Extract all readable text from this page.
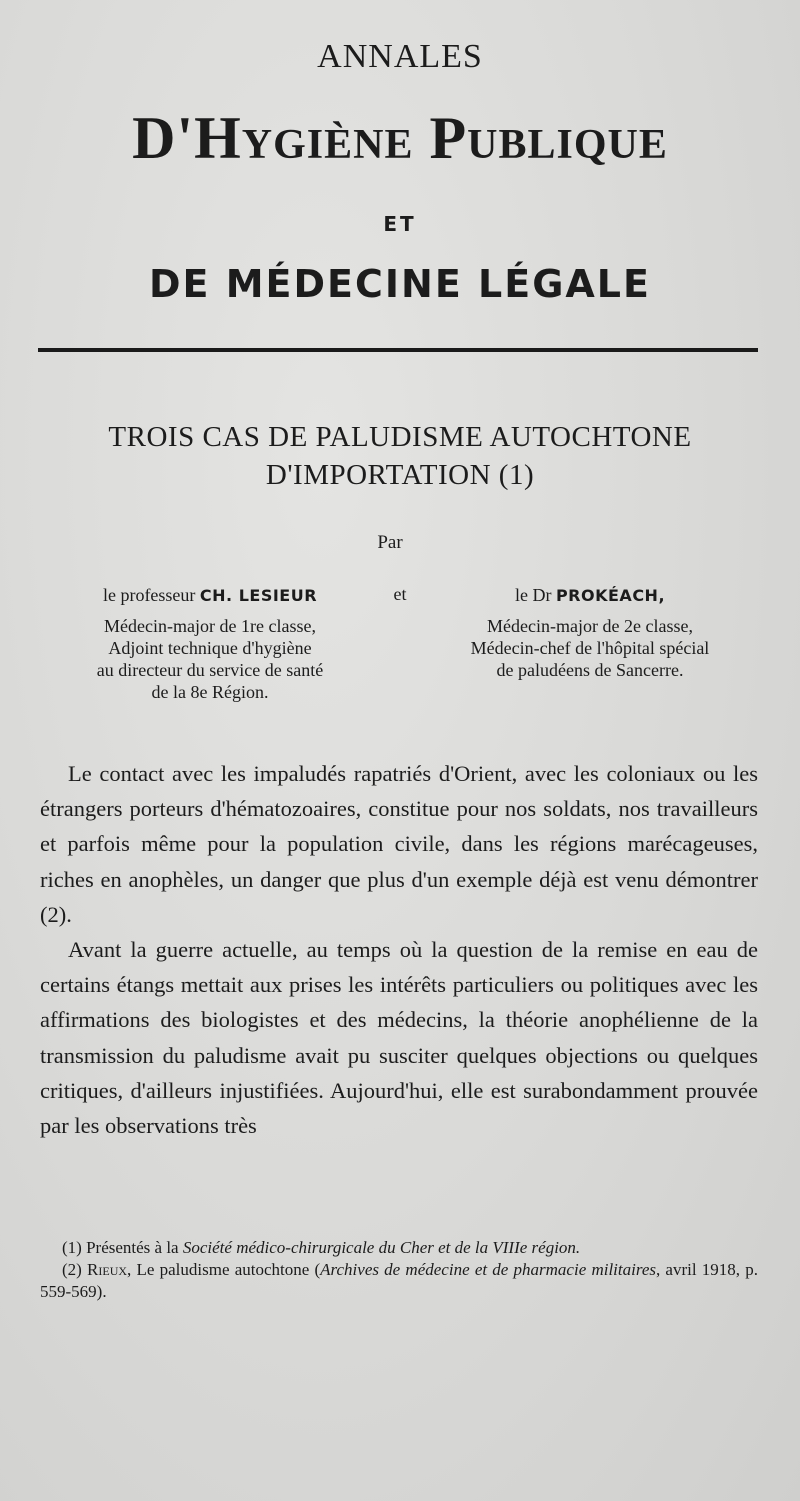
ANNALES
D'Hygiène Publique
ET
DE MÉDECINE LÉGALE
TROIS CAS DE PALUDISME AUTOCHTONE
D'IMPORTATION (1)
Par
le professeur CH. LESIEUR
Médecin-major de 1re classe,
Adjoint technique d'hygiène
au directeur du service de santé
de la 8e Région.
et	le Dr PROKÉACH,
Médecin-major de 2e classe,
Médecin-chef de l'hôpital spécial
de paludéens de Sancerre.

Le contact avec les impaludés rapatriés d'Orient, avec les coloniaux ou les étrangers porteurs d'hématozoaires, constitue pour nos soldats, nos travailleurs et parfois même pour la population civile, dans les régions marécageuses, riches en anophèles, un danger que plus d'un exemple déjà est venu démontrer (2).

Avant la guerre actuelle, au temps où la question de la remise en eau de certains étangs mettait aux prises les intérêts particuliers ou politiques avec les affirmations des biologistes et des médecins, la théorie anophélienne de la transmission du paludisme avait pu susciter quelques objections ou quelques critiques, d'ailleurs injustifiées. Aujourd'hui, elle est surabondamment prouvée par les observations très

(1) Présentés à la Société médico-chirurgicale du Cher et de la VIIIe région.

(2) Rieux, Le paludisme autochtone (Archives de médecine et de pharmacie militaires, avril 1918, p. 559-569).
